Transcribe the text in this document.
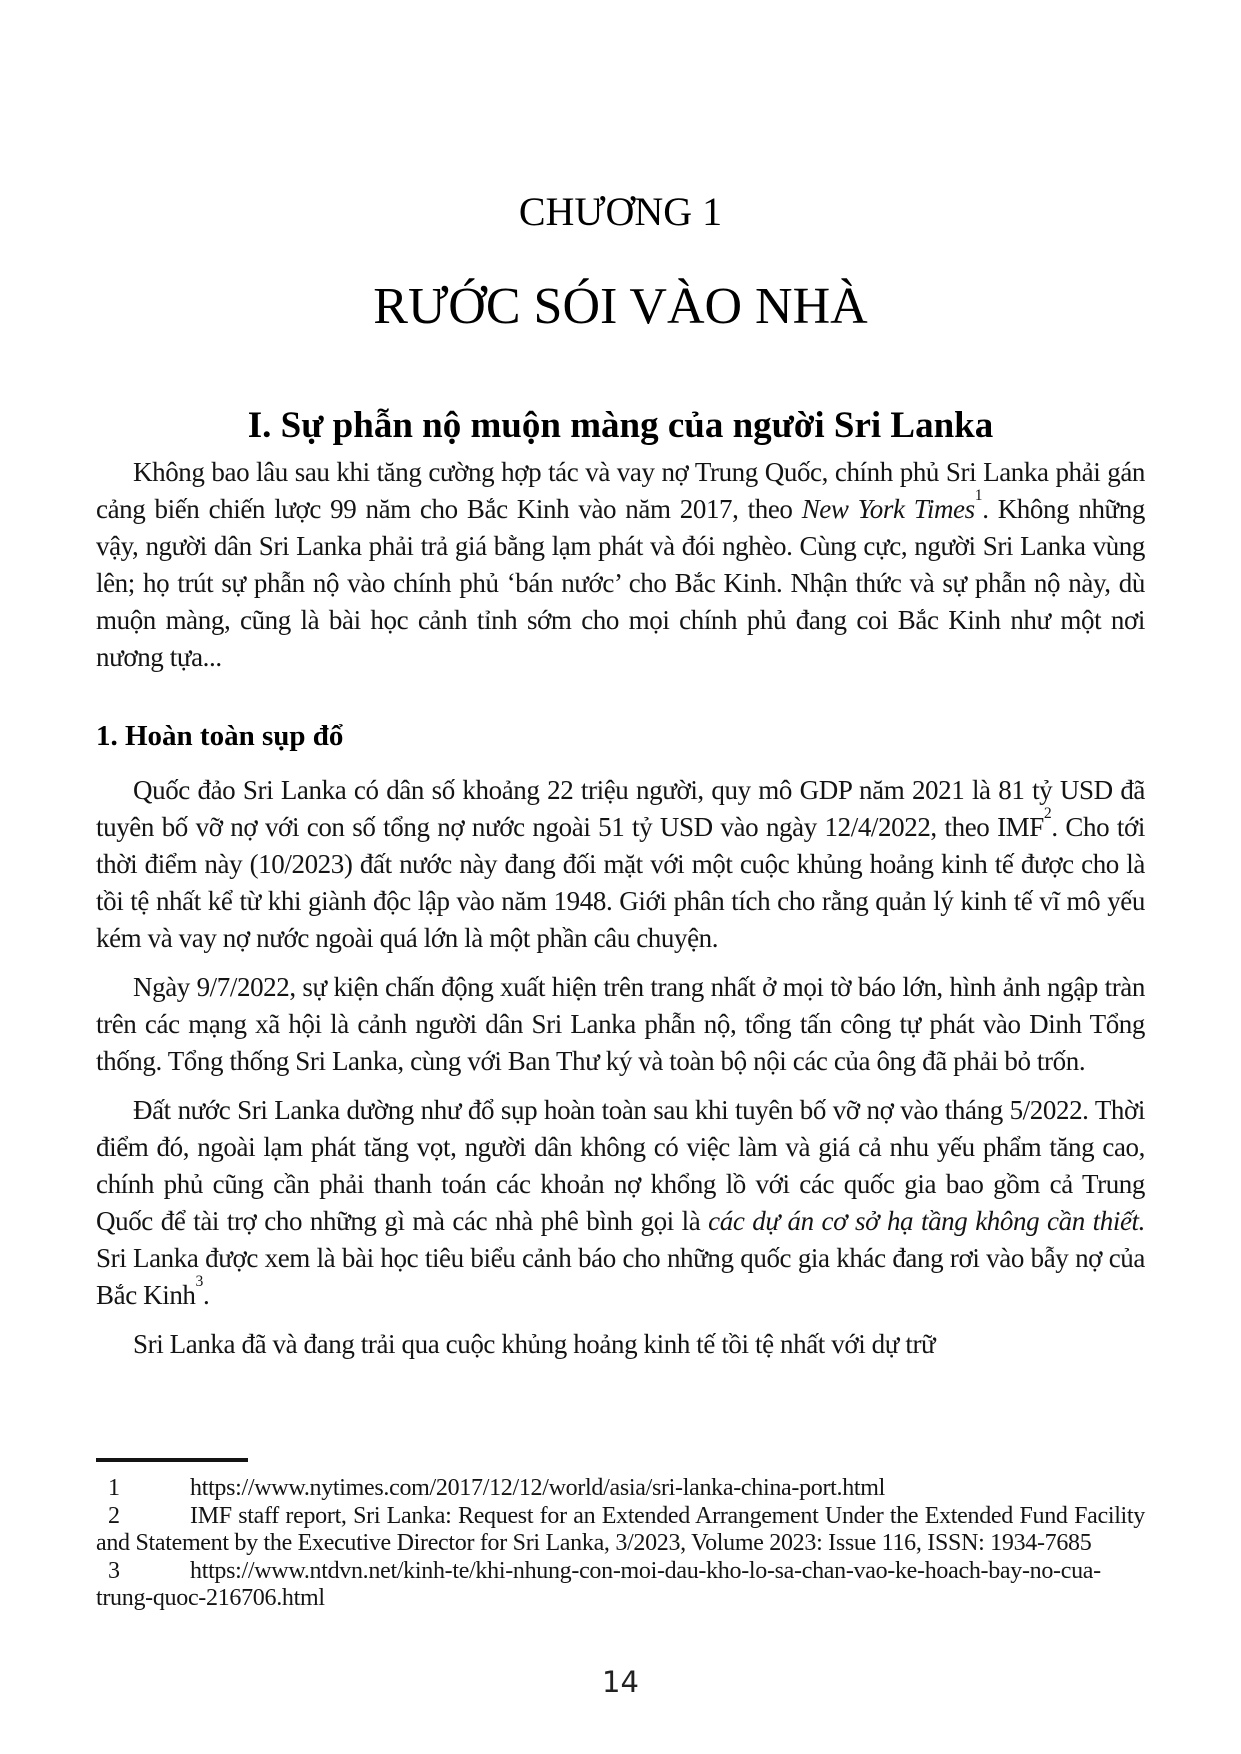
CHƯƠNG 1
RƯỚC SÓI VÀO NHÀ
I. Sự phẫn nộ muộn màng của người Sri Lanka

Không bao lâu sau khi tăng cường hợp tác và vay nợ Trung Quốc, chính phủ Sri Lanka phải gán cảng biến chiến lược 99 năm cho Bắc Kinh vào năm 2017, theo New York Times$^1$. Không những vậy, người dân Sri Lanka phải trả giá bằng lạm phát và đói nghèo. Cùng cực, người Sri Lanka vùng lên; họ trút sự phẫn nộ vào chính phủ ‘bán nước’ cho Bắc Kinh. Nhận thức và sự phẫn nộ này, dù muộn màng, cũng là bài học cảnh tỉnh sớm cho mọi chính phủ đang coi Bắc Kinh như một nơi nương tựa...

1. Hoàn toàn sụp đổ

Quốc đảo Sri Lanka có dân số khoảng 22 triệu người, quy mô GDP năm 2021 là 81 tỷ USD đã tuyên bố vỡ nợ với con số tổng nợ nước ngoài 51 tỷ USD vào ngày 12/4/2022, theo IMF$^2$. Cho tới thời điểm này (10/2023) đất nước này đang đối mặt với một cuộc khủng hoảng kinh tế được cho là tồi tệ nhất kể từ khi giành độc lập vào năm 1948. Giới phân tích cho rằng quản lý kinh tế vĩ mô yếu kém và vay nợ nước ngoài quá lớn là một phần câu chuyện.

Ngày 9/7/2022, sự kiện chấn động xuất hiện trên trang nhất ở mọi tờ báo lớn, hình ảnh ngập tràn trên các mạng xã hội là cảnh người dân Sri Lanka phẫn nộ, tổng tấn công tự phát vào Dinh Tổng thống. Tổng thống Sri Lanka, cùng với Ban Thư ký và toàn bộ nội các của ông đã phải bỏ trốn.

Đất nước Sri Lanka dường như đổ sụp hoàn toàn sau khi tuyên bố vỡ nợ vào tháng 5/2022. Thời điểm đó, ngoài lạm phát tăng vọt, người dân không có việc làm và giá cả nhu yếu phẩm tăng cao, chính phủ cũng cần phải thanh toán các khoản nợ khổng lồ với các quốc gia bao gồm cả Trung Quốc để tài trợ cho những gì mà các nhà phê bình gọi là các dự án cơ sở hạ tầng không cần thiết. Sri Lanka được xem là bài học tiêu biểu cảnh báo cho những quốc gia khác đang rơi vào bẫy nợ của Bắc Kinh$^3$.

Sri Lanka đã và đang trải qua cuộc khủng hoảng kinh tế tồi tệ nhất với dự trữ

1	https://www.nytimes.com/2017/12/12/world/asia/sri-lanka-china-port.html
2	IMF staff report, Sri Lanka: Request for an Extended Arrangement Under the Extended Fund Facility and Statement by the Executive Director for Sri Lanka, 3/2023, Volume 2023: Issue 116, ISSN: 1934-7685
3	https://www.ntdvn.net/kinh-te/khi-nhung-con-moi-dau-kho-lo-sa-chan-vao-ke-hoach-bay-no-cua-trung-quoc-216706.html
14
